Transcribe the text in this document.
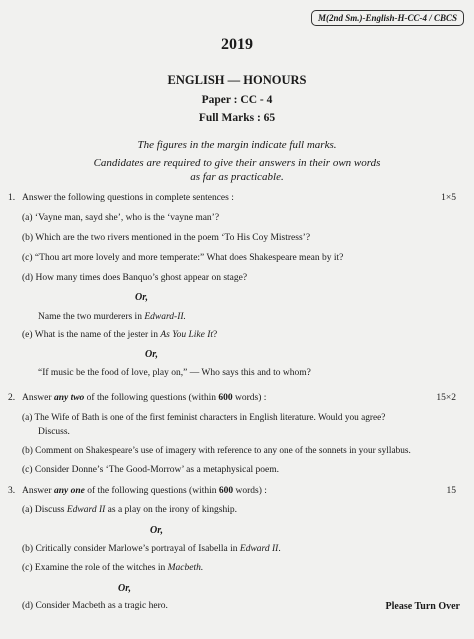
M(2nd Sm.)-English-H-CC-4 / CBCS
2019
ENGLISH — HONOURS
Paper : CC - 4
Full Marks : 65
The figures in the margin indicate full marks.
Candidates are required to give their answers in their own words
as far as practicable.
1. Answer the following questions in complete sentences :	1×5
(a) ‘Vayne man, sayd she’, who is the ‘vayne man’?
(b) Which are the two rivers mentioned in the poem ‘To His Coy Mistress’?
(c) “Thou art more lovely and more temperate:” What does Shakespeare mean by it?
(d) How many times does Banquo’s ghost appear on stage?
Or,
Name the two murderers in Edward-II.
(e) What is the name of the jester in As You Like It?
Or,
“If music be the food of love, play on,” — Who says this and to whom?
2. Answer any two of the following questions (within 600 words) :	15×2
(a) The Wife of Bath is one of the first feminist characters in English literature. Would you agree?
Discuss.
(b) Comment on Shakespeare’s use of imagery with reference to any one of the sonnets in your syllabus.
(c) Consider Donne’s ‘The Good-Morrow’ as a metaphysical poem.
3. Answer any one of the following questions (within 600 words) :	15
(a) Discuss Edward II as a play on the irony of kingship.
Or,
(b) Critically consider Marlowe’s portrayal of Isabella in Edward II.
(c) Examine the role of the witches in Macbeth.
Or,
(d) Consider Macbeth as a tragic hero.	Please Turn Over
